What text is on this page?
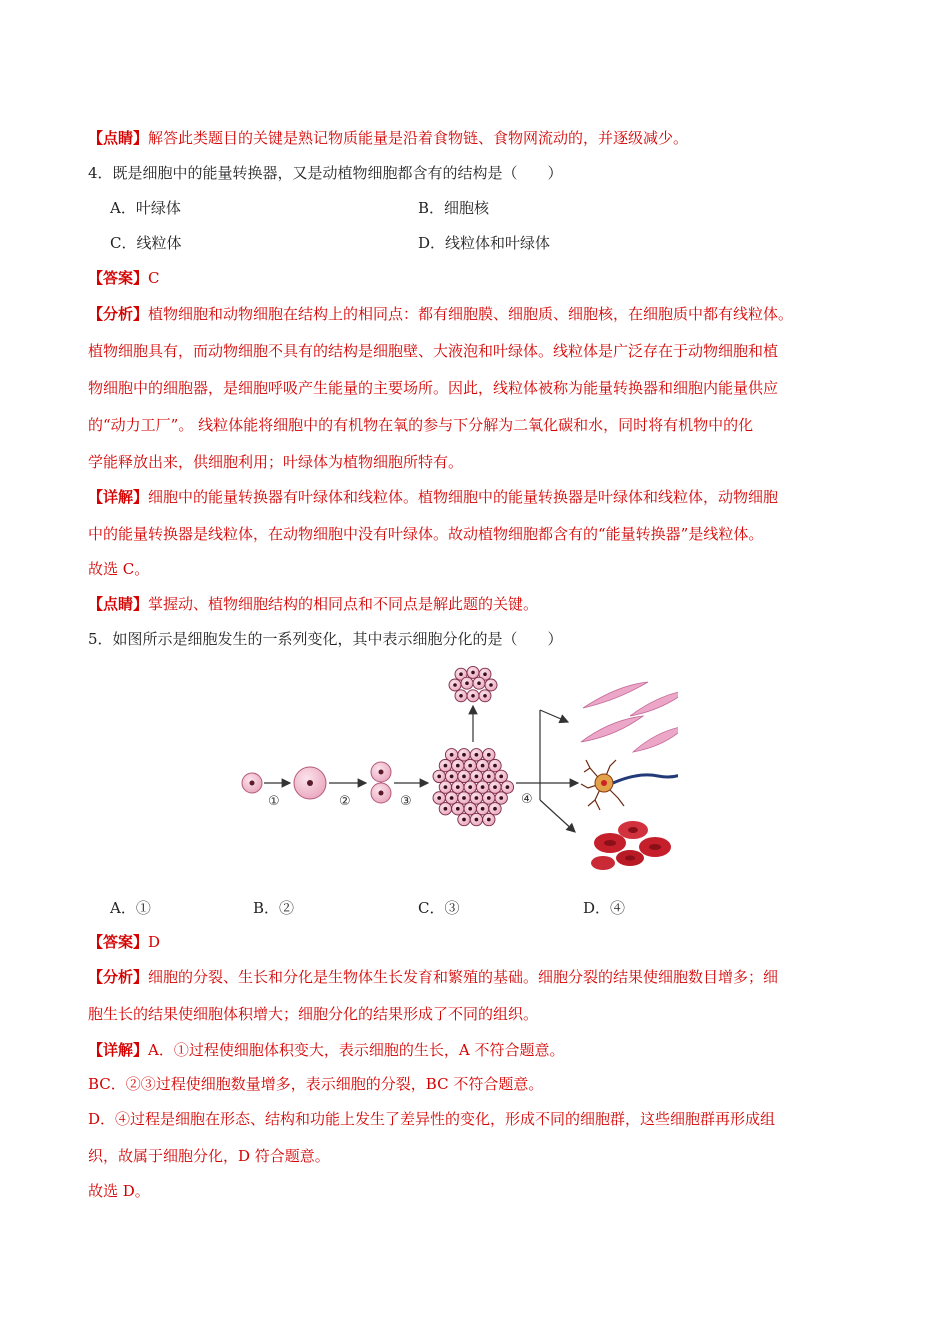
【点睛】解答此类题目的关键是熟记物质能量是沿着食物链、食物网流动的，并逐级减少。
4．既是细胞中的能量转换器，又是动植物细胞都含有的结构是（　　）
A．叶绿体	B．细胞核
C．线粒体	D．线粒体和叶绿体
【答案】C
【分析】植物细胞和动物细胞在结构上的相同点：都有细胞膜、细胞质、细胞核，在细胞质中都有线粒体。
植物细胞具有，而动物细胞不具有的结构是细胞壁、大液泡和叶绿体。线粒体是广泛存在于动物细胞和植
物细胞中的细胞器，是细胞呼吸产生能量的主要场所。因此，线粒体被称为能量转换器和细胞内能量供应
的“动力工厂”。 线粒体能将细胞中的有机物在氧的参与下分解为二氧化碳和水，同时将有机物中的化
学能释放出来，供细胞利用；叶绿体为植物细胞所特有。
【详解】细胞中的能量转换器有叶绿体和线粒体。植物细胞中的能量转换器是叶绿体和线粒体，动物细胞
中的能量转换器是线粒体，在动物细胞中没有叶绿体。故动植物细胞都含有的“能量转换器”是线粒体。
故选 C。
【点睛】掌握动、植物细胞结构的相同点和不同点是解此题的关键。
5．如图所示是细胞发生的一系列变化，其中表示细胞分化的是（　　）
①	②	③	④
A．①	B．②	C．③	D．④
【答案】D
【分析】细胞的分裂、生长和分化是生物体生长发育和繁殖的基础。细胞分裂的结果使细胞数目增多；细
胞生长的结果使细胞体积增大；细胞分化的结果形成了不同的组织。
【详解】A．①过程使细胞体积变大，表示细胞的生长，A 不符合题意。
BC．②③过程使细胞数量增多，表示细胞的分裂，BC 不符合题意。
D．④过程是细胞在形态、结构和功能上发生了差异性的变化，形成不同的细胞群，这些细胞群再形成组
织，故属于细胞分化，D 符合题意。
故选 D。
